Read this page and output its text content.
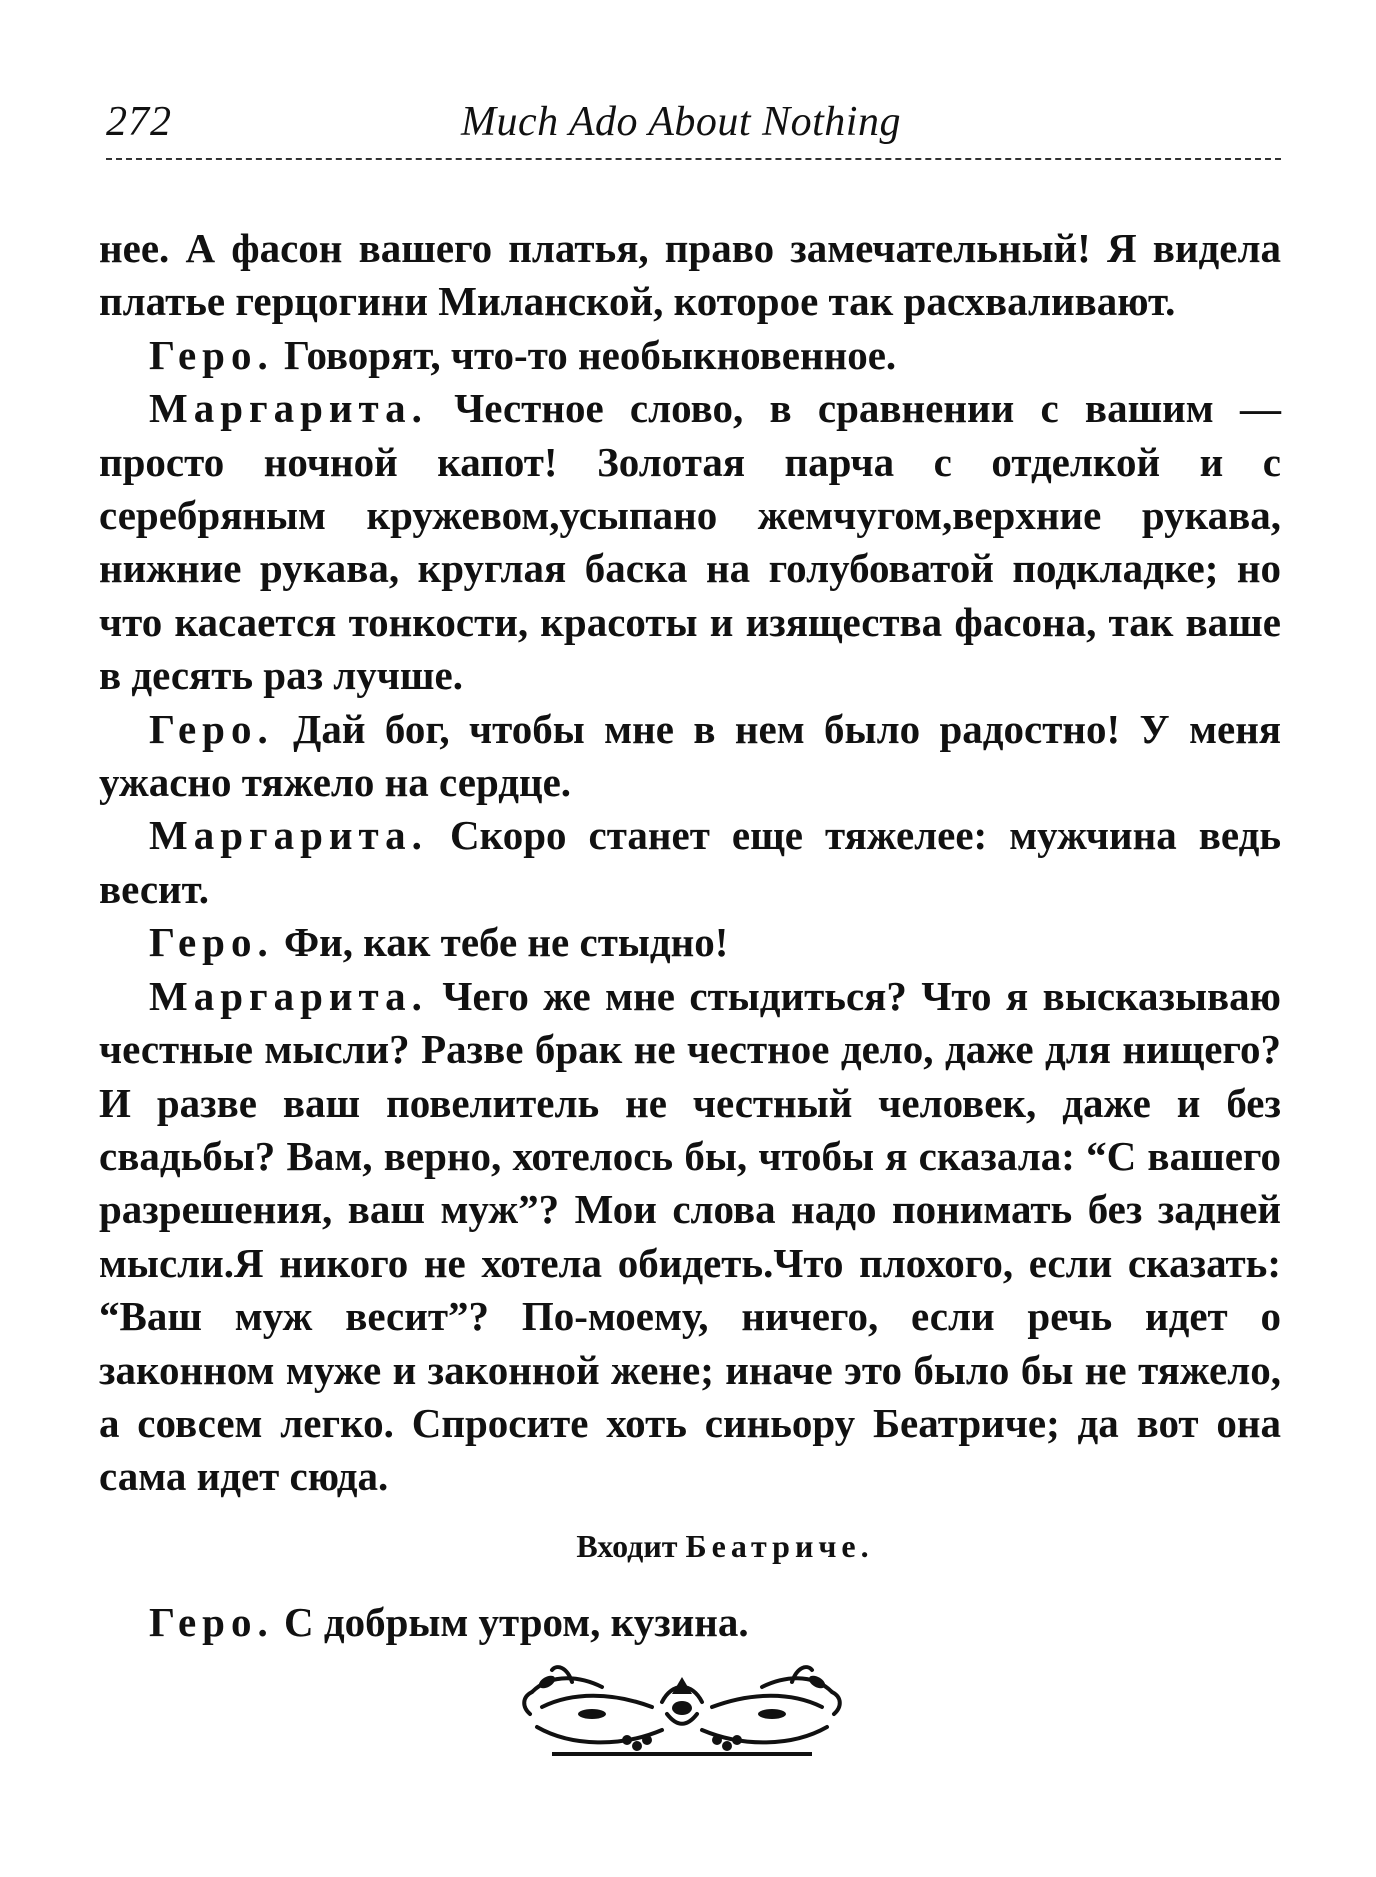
272	Much Ado About Nothing

нее. А фасон вашего платья, право замечательный! Я видела платье герцогини Миланской, которое так расхваливают.

Геро. Говорят, что-то необыкновенное.

Маргарита. Честное слово, в сравнении с вашим — просто ночной капот! Золотая парча с отделкой и с серебряным кружевом,усыпано жемчугом,верхние рукава, нижние рукава, круглая баска на голубоватой подкладке; но что касается тонкости, красоты и изящества фасона, так ваше в десять раз лучше.

Геро. Дай бог, чтобы мне в нем было радостно! У меня ужасно тяжело на сердце.

Маргарита. Скоро станет еще тяжелее: мужчина ведь весит.

Геро. Фи, как тебе не стыдно!

Маргарита. Чего же мне стыдиться? Что я высказываю честные мысли? Разве брак не честное дело, даже для нищего? И разве ваш повелитель не честный человек, даже и без свадьбы? Вам, верно, хотелось бы, чтобы я сказала: “С вашего разрешения, ваш муж”? Мои слова надо понимать без задней мысли.Я никого не хотела обидеть.Что плохого, если сказать: “Ваш муж весит”? По-моему, ничего, если речь идет о законном муже и законной жене; иначе это было бы не тяжело, а совсем легко. Спросите хоть синьору Беатриче; да вот она сама идет сюда.

Входит Беатриче.

Геро. С добрым утром, кузина.
